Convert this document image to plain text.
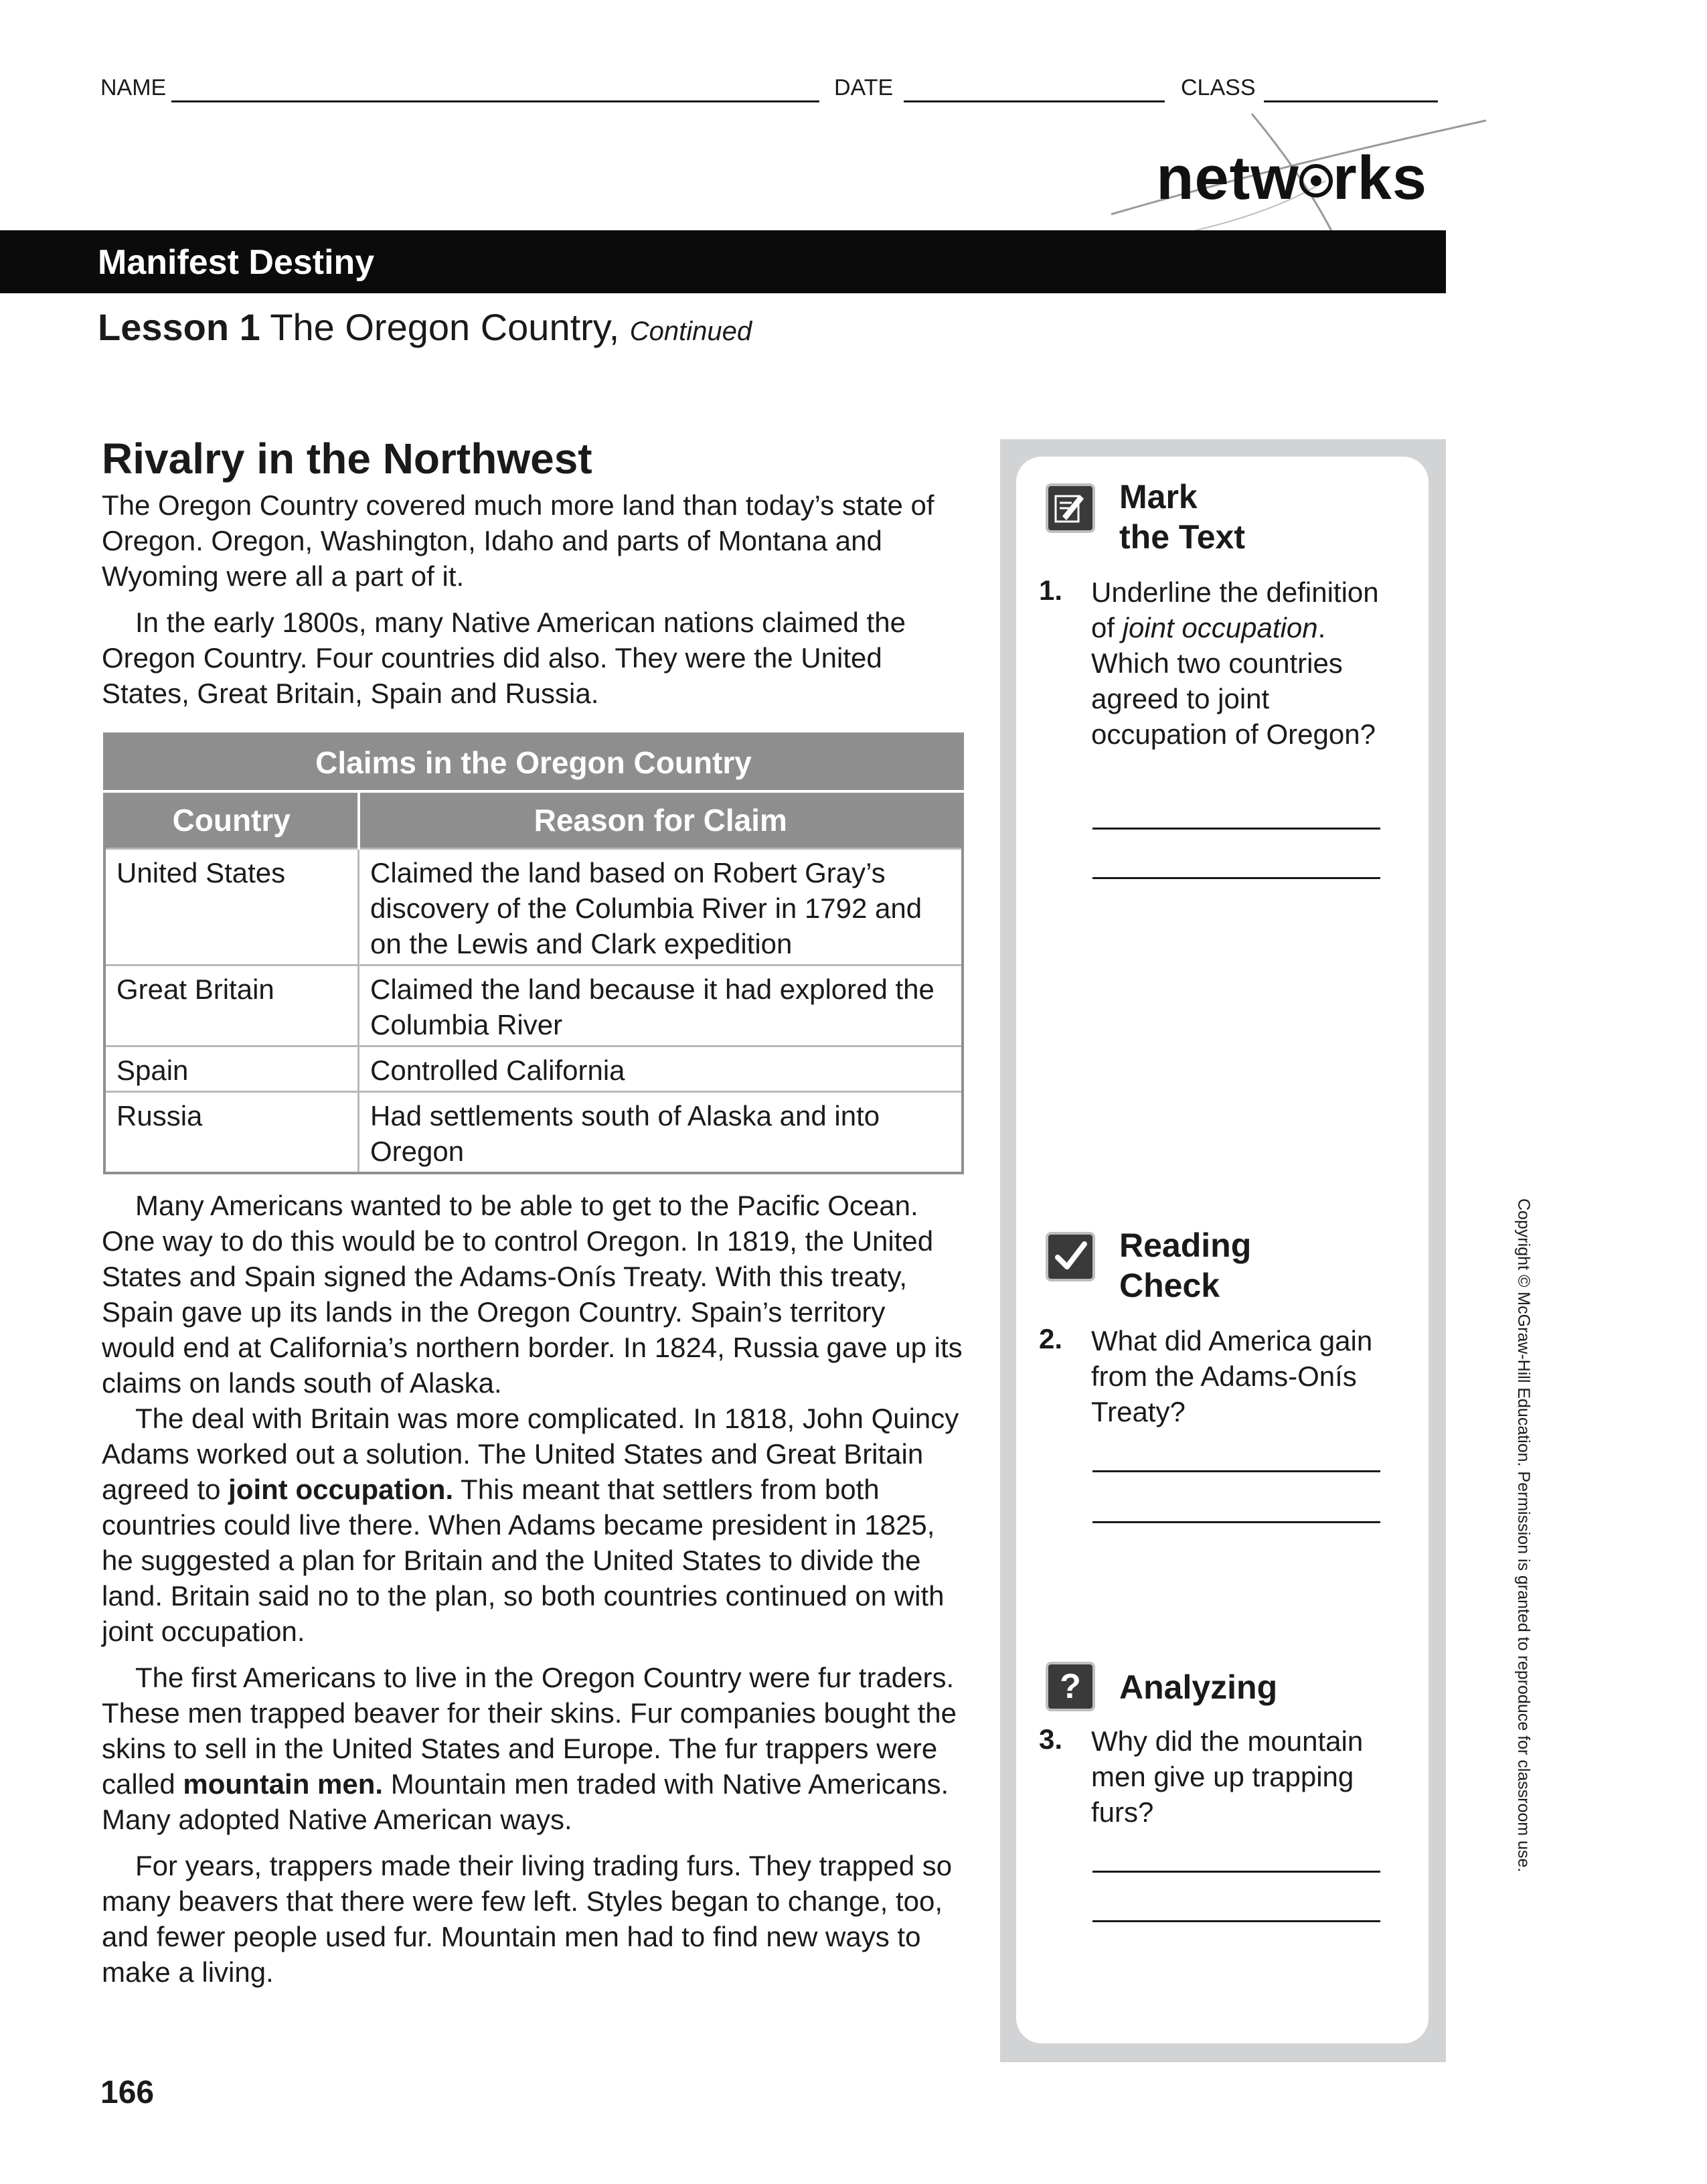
NAME	DATE	CLASS
netw rks
Manifest Destiny
Lesson 1 The Oregon Country, Continued
Rivalry in the Northwest

The Oregon Country covered much more land than today’s state of Oregon. Oregon, Washington, Idaho and parts of Montana and Wyoming were all a part of it.

In the early 1800s, many Native American nations claimed the Oregon Country. Four countries did also. They were the United States, Great Britain, Spain and Russia.

Claims in the Oregon Country	
Country	Reason for Claim
United States	Claimed the land based on Robert Gray’s discovery of the Columbia River in 1792 and on the Lewis and Clark expedition
Great Britain	Claimed the land because it had explored the Columbia River
Spain	Controlled California
Russia	Had settlements south of Alaska and into Oregon

Many Americans wanted to be able to get to the Pacific Ocean. One way to do this would be to control Oregon. In 1819, the United States and Spain signed the Adams-Onís Treaty. With this treaty, Spain gave up its lands in the Oregon Country. Spain’s territory would end at California’s northern border. In 1824, Russia gave up its claims on lands south of Alaska.

The deal with Britain was more complicated. In 1818, John Quincy Adams worked out a solution. The United States and Great Britain agreed to joint occupation. This meant that settlers from both countries could live there. When Adams became president in 1825, he suggested a plan for Britain and the United States to divide the land. Britain said no to the plan, so both countries continued on with joint occupation.

The first Americans to live in the Oregon Country were fur traders. These men trapped beaver for their skins. Fur companies bought the skins to sell in the United States and Europe. The fur trappers were called mountain men. Mountain men traded with Native Americans. Many adopted Native American ways.

For years, trappers made their living trading furs. They trapped so many beavers that there were few left. Styles began to change, too, and fewer people used fur. Mountain men had to find new ways to make a living.

Mark
the Text
1. Underline the definition of joint occupation. Which two countries agreed to joint occupation of Oregon?
Reading
Check
2. What did America gain from the Adams-Onís Treaty?
?	Analyzing
3. Why did the mountain men give up trapping furs?	Copyright © McGraw-Hill Education. Permission is granted to reproduce for classroom use.
166
